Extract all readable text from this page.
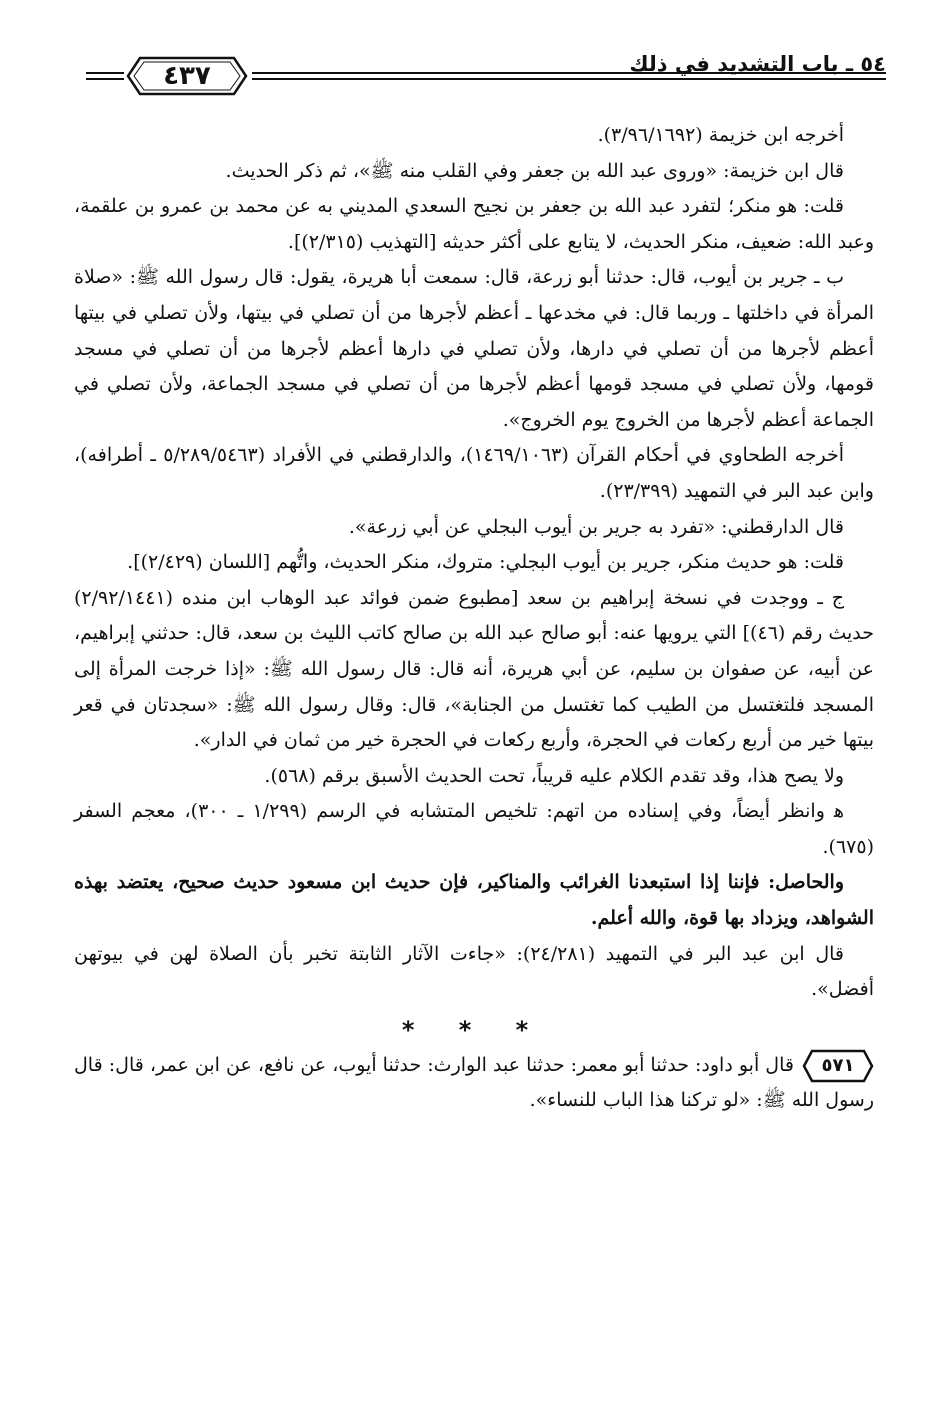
٤٣٧	٥٤ ـ باب التشديد في ذلك

أخرجه ابن خزيمة (٣/٩٦/١٦٩٢).

قال ابن خزيمة: «وروى عبد الله بن جعفر وفي القلب منه ﷺ»، ثم ذكر الحديث.

قلت: هو منكر؛ لتفرد عبد الله بن جعفر بن نجيح السعدي المديني به عن محمد بن عمرو بن علقمة، وعبد الله: ضعيف، منكر الحديث، لا يتابع على أكثر حديثه [التهذيب (٢/٣١٥)].

ب ـ جرير بن أيوب، قال: حدثنا أبو زرعة، قال: سمعت أبا هريرة، يقول: قال رسول الله ﷺ: «صلاة المرأة في داخلتها ـ وربما قال: في مخدعها ـ أعظم لأجرها من أن تصلي في بيتها، ولأن تصلي في بيتها أعظم لأجرها من أن تصلي في دارها، ولأن تصلي في دارها أعظم لأجرها من أن تصلي في مسجد قومها، ولأن تصلي في مسجد قومها أعظم لأجرها من أن تصلي في مسجد الجماعة، ولأن تصلي في الجماعة أعظم لأجرها من الخروج يوم الخروج».

أخرجه الطحاوي في أحكام القرآن (١٤٦٩/١٠٦٣)، والدارقطني في الأفراد (٥/٢٨٩/٥٤٦٣ ـ أطرافه)، وابن عبد البر في التمهيد (٢٣/٣٩٩).

قال الدارقطني: «تفرد به جرير بن أيوب البجلي عن أبي زرعة».

قلت: هو حديث منكر، جرير بن أيوب البجلي: متروك، منكر الحديث، واتُّهم [اللسان (٢/٤٢٩)].

ج ـ ووجدت في نسخة إبراهيم بن سعد [مطبوع ضمن فوائد عبد الوهاب ابن منده (٢/٩٢/١٤٤١) حديث رقم (٤٦)] التي يرويها عنه: أبو صالح عبد الله بن صالح كاتب الليث بن سعد، قال: حدثني إبراهيم، عن أبيه، عن صفوان بن سليم، عن أبي هريرة، أنه قال: قال رسول الله ﷺ: «إذا خرجت المرأة إلى المسجد فلتغتسل من الطيب كما تغتسل من الجنابة»، قال: وقال رسول الله ﷺ: «سجدتان في قعر بيتها خير من أربع ركعات في الحجرة، وأربع ركعات في الحجرة خير من ثمان في الدار».

ولا يصح هذا، وقد تقدم الكلام عليه قريباً، تحت الحديث الأسبق برقم (٥٦٨).

ﻫ وانظر أيضاً، وفي إسناده من اتهم: تلخيص المتشابه في الرسم (١/٢٩٩ ـ ٣٠٠)، معجم السفر (٦٧٥).

والحاصل: فإننا إذا استبعدنا الغرائب والمناكير، فإن حديث ابن مسعود حديث صحيح، يعتضد بهذه الشواهد، ويزداد بها قوة، والله أعلم.

قال ابن عبد البر في التمهيد (٢٤/٢٨١): «جاءت الآثار الثابتة تخبر بأن الصلاة لهن في بيوتهن أفضل».

* * *

٥٧١
قال أبو داود: حدثنا أبو معمر: حدثنا عبد الوارث: حدثنا أيوب، عن نافع، عن ابن عمر، قال: قال رسول الله ﷺ: «لو تركنا هذا الباب للنساء».
